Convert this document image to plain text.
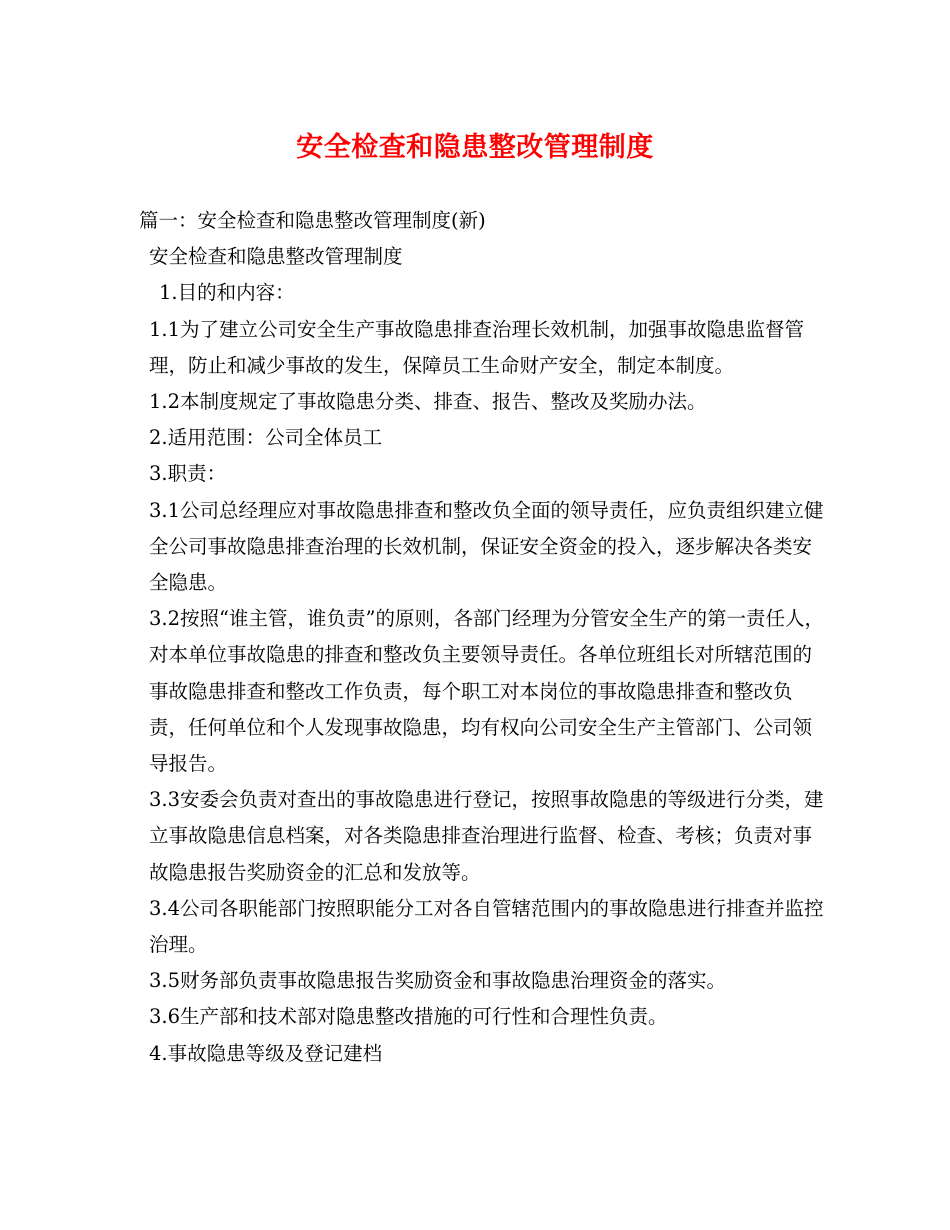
安全检查和隐患整改管理制度

篇一：安全检查和隐患整改管理制度(新)

安全检查和隐患整改管理制度

1.目的和内容：

1.1为了建立公司安全生产事故隐患排查治理长效机制，加强事故隐患监督管理，防止和减少事故的发生，保障员工生命财产安全，制定本制度。

1.2本制度规定了事故隐患分类、排查、报告、整改及奖励办法。

2.适用范围：公司全体员工

3.职责：

3.1公司总经理应对事故隐患排查和整改负全面的领导责任，应负责组织建立健全公司事故隐患排查治理的长效机制，保证安全资金的投入，逐步解决各类安全隐患。

3.2按照“谁主管，谁负责”的原则，各部门经理为分管安全生产的第一责任人，对本单位事故隐患的排查和整改负主要领导责任。各单位班组长对所辖范围的事故隐患排查和整改工作负责，每个职工对本岗位的事故隐患排查和整改负责，任何单位和个人发现事故隐患，均有权向公司安全生产主管部门、公司领导报告。

3.3安委会负责对查出的事故隐患进行登记，按照事故隐患的等级进行分类，建立事故隐患信息档案，对各类隐患排查治理进行监督、检查、考核；负责对事故隐患报告奖励资金的汇总和发放等。

3.4公司各职能部门按照职能分工对各自管辖范围内的事故隐患进行排查并监控治理。

3.5财务部负责事故隐患报告奖励资金和事故隐患治理资金的落实。

3.6生产部和技术部对隐患整改措施的可行性和合理性负责。

4.事故隐患等级及登记建档
